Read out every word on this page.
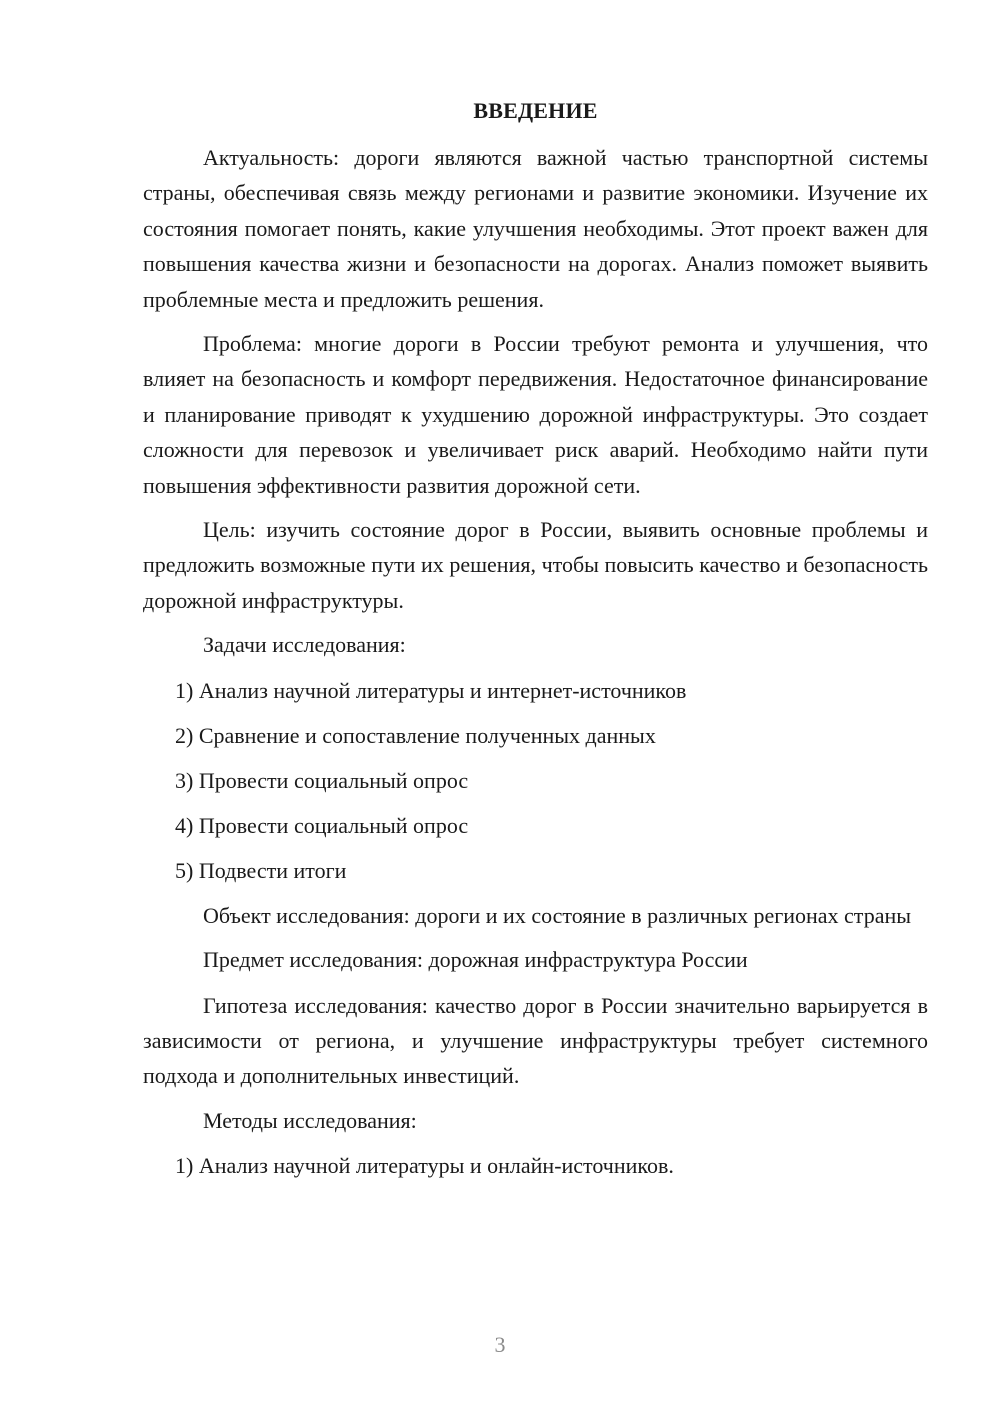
ВВЕДЕНИЕ

Актуальность: дороги являются важной частью транспортной системы страны, обеспечивая связь между регионами и развитие экономики. Изучение их состояния помогает понять, какие улучшения необходимы. Этот проект важен для повышения качества жизни и безопасности на дорогах. Анализ поможет выявить проблемные места и предложить решения.

Проблема: многие дороги в России требуют ремонта и улучшения, что влияет на безопасность и комфорт передвижения. Недостаточное финансирование и планирование приводят к ухудшению дорожной инфраструктуры. Это создает сложности для перевозок и увеличивает риск аварий. Необходимо найти пути повышения эффективности развития дорожной сети.

Цель: изучить состояние дорог в России, выявить основные проблемы и предложить возможные пути их решения, чтобы повысить качество и безопасность дорожной инфраструктуры.

Задачи исследования:

1) Анализ научной литературы и интернет-источников
2) Сравнение и сопоставление полученных данных
3) Провести социальный опрос
4) Провести социальный опрос
5) Подвести итоги

Объект исследования: дороги и их состояние в различных регионах страны

Предмет исследования: дорожная инфраструктура России

Гипотеза исследования: качество дорог в России значительно варьируется в зависимости от региона, и улучшение инфраструктуры требует системного подхода и дополнительных инвестиций.

Методы исследования:

1) Анализ научной литературы и онлайн-источников.
3
